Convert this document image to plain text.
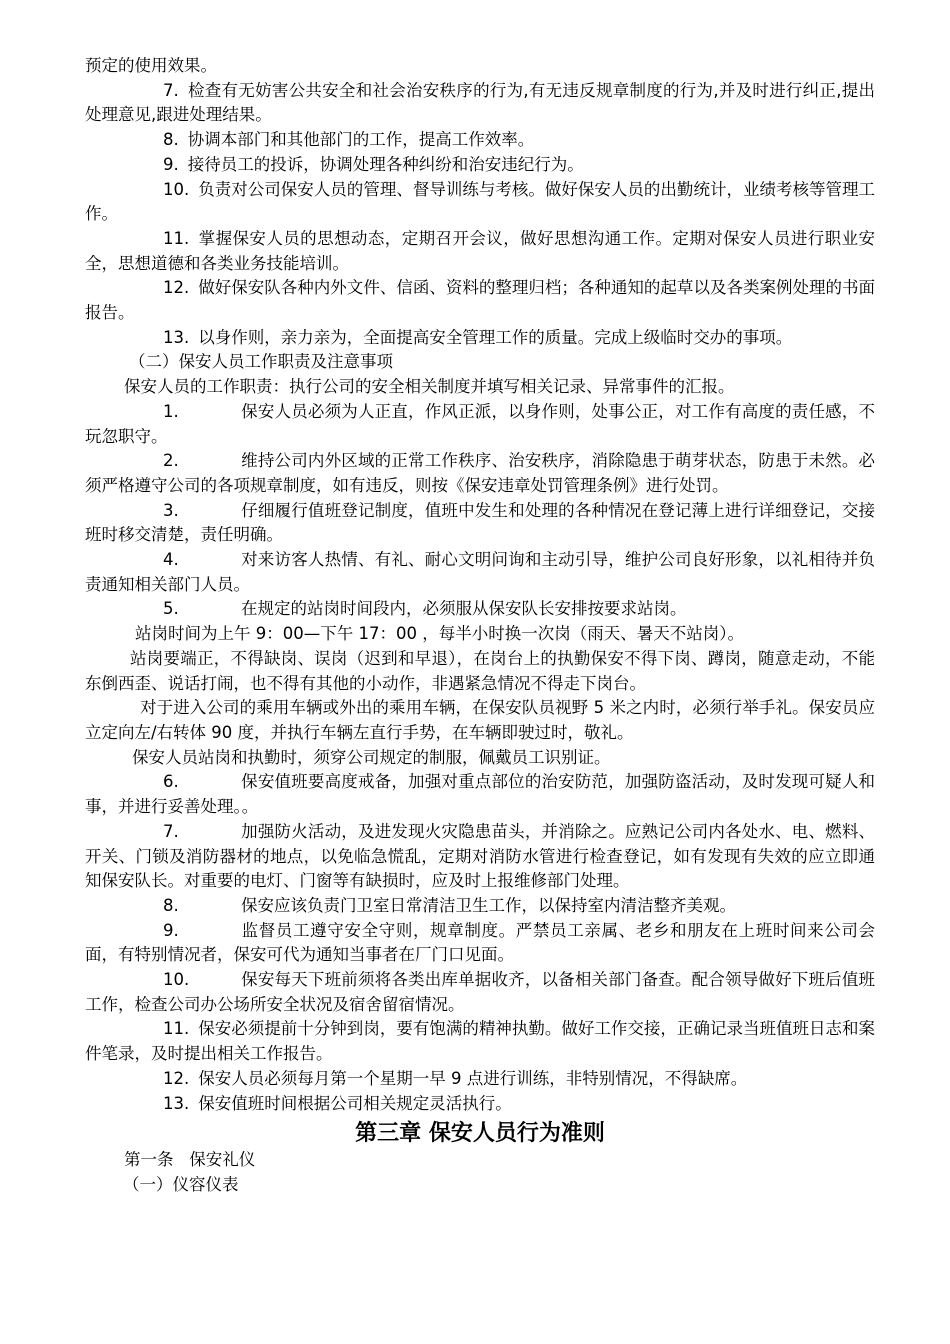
预定的使用效果。
7. 检查有无妨害公共安全和社会治安秩序的行为,有无违反规章制度的行为,并及时进行纠正,提出处理意见,跟进处理结果。
8. 协调本部门和其他部门的工作，提高工作效率。
9. 接待员工的投诉，协调处理各种纠纷和治安违纪行为。
10. 负责对公司保安人员的管理、督导训练与考核。做好保安人员的出勤统计，业绩考核等管理工作。
11. 掌握保安人员的思想动态，定期召开会议，做好思想沟通工作。定期对保安人员进行职业安全，思想道德和各类业务技能培训。
12. 做好保安队各种内外文件、信函、资料的整理归档；各种通知的起草以及各类案例处理的书面报告。
13. 以身作则，亲力亲为，全面提高安全管理工作的质量。完成上级临时交办的事项。
（二）保安人员工作职责及注意事项
保安人员的工作职责：执行公司的安全相关制度并填写相关记录、异常事件的汇报。
1.	保安人员必须为人正直，作风正派，以身作则，处事公正，对工作有高度的责任感，不玩忽职守。
2.	维持公司内外区域的正常工作秩序、治安秩序，消除隐患于萌芽状态，防患于未然。必须严格遵守公司的各项规章制度，如有违反，则按《保安违章处罚管理条例》进行处罚。
3.	仔细履行值班登记制度，值班中发生和处理的各种情况在登记薄上进行详细登记，交接班时移交清楚，责任明确。
4.	对来访客人热情、有礼、耐心文明问询和主动引导，维护公司良好形象，以礼相待并负责通知相关部门人员。
5.	在规定的站岗时间段内，必须服从保安队长安排按要求站岗。
站岗时间为上午 9：00—下午 17：00 ，每半小时换一次岗（雨天、暑天不站岗）。
站岗要端正，不得缺岗、误岗（迟到和早退），在岗台上的执勤保安不得下岗、蹲岗，随意走动，不能东倒西歪、说话打闹，也不得有其他的小动作，非遇紧急情况不得走下岗台。
对于进入公司的乘用车辆或外出的乘用车辆，在保安队员视野 5 米之内时，必须行举手礼。保安员应立定向左/右转体 90 度，并执行车辆左直行手势，在车辆即驶过时，敬礼。
保安人员站岗和执勤时，须穿公司规定的制服，佩戴员工识别证。
6.	保安值班要高度戒备，加强对重点部位的治安防范，加强防盗活动，及时发现可疑人和事，并进行妥善处理。。
7.	加强防火活动，及进发现火灾隐患苗头，并消除之。应熟记公司内各处水、电、燃料、开关、门锁及消防器材的地点，以免临急慌乱，定期对消防水管进行检查登记，如有发现有失效的应立即通知保安队长。对重要的电灯、门窗等有缺损时，应及时上报维修部门处理。
8.	保安应该负责门卫室日常清洁卫生工作，以保持室内清洁整齐美观。
9.	监督员工遵守安全守则，规章制度。严禁员工亲属、老乡和朋友在上班时间来公司会面，有特别情况者，保安可代为通知当事者在厂门口见面。
10.	保安每天下班前须将各类出库单据收齐，以备相关部门备查。配合领导做好下班后值班工作，检查公司办公场所安全状况及宿舍留宿情况。
11. 保安必须提前十分钟到岗，要有饱满的精神执勤。做好工作交接，正确记录当班值班日志和案件笔录，及时提出相关工作报告。
12. 保安人员必须每月第一个星期一早 9 点进行训练，非特别情况，不得缺席。
13. 保安值班时间根据公司相关规定灵活执行。
第三章 保安人员行为准则
第一条   保安礼仪
（一）仪容仪表
